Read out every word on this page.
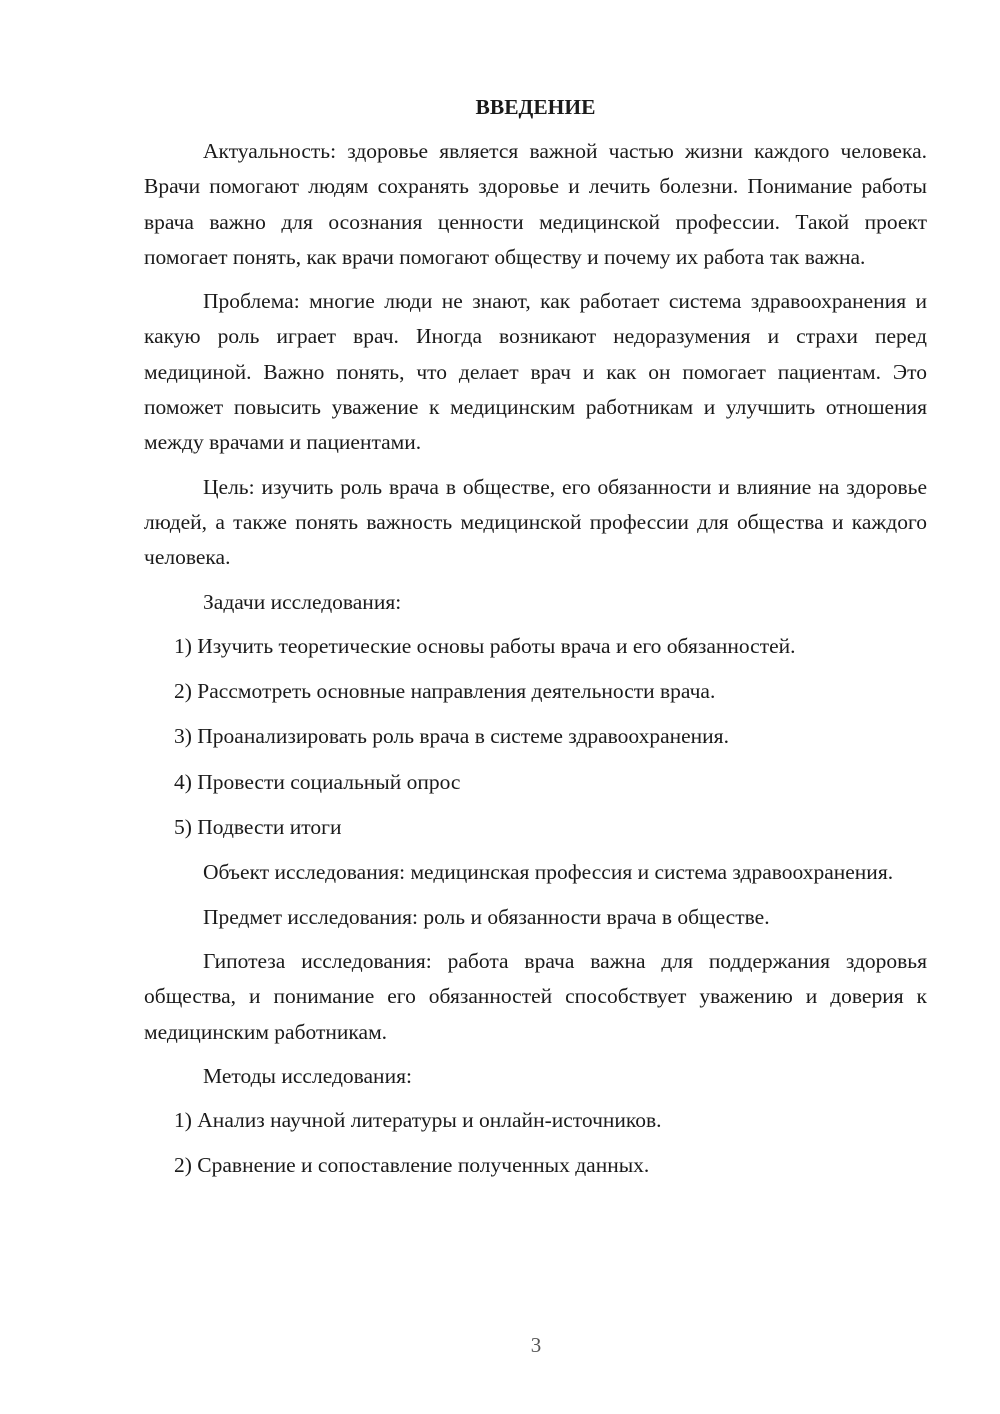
ВВЕДЕНИЕ

Актуальность: здоровье является важной частью жизни каждого человека. Врачи помогают людям сохранять здоровье и лечить болезни. Понимание работы врача важно для осознания ценности медицинской профессии. Такой проект помогает понять, как врачи помогают обществу и почему их работа так важна.

Проблема: многие люди не знают, как работает система здравоохранения и какую роль играет врач. Иногда возникают недоразумения и страхи перед медициной. Важно понять, что делает врач и как он помогает пациентам. Это поможет повысить уважение к медицинским работникам и улучшить отношения между врачами и пациентами.

Цель: изучить роль врача в обществе, его обязанности и влияние на здоровье людей, а также понять важность медицинской профессии для общества и каждого человека.

Задачи исследования:

1) Изучить теоретические основы работы врача и его обязанностей.

2) Рассмотреть основные направления деятельности врача.

3) Проанализировать роль врача в системе здравоохранения.

4) Провести социальный опрос

5) Подвести итоги

Объект исследования: медицинская профессия и система здравоохранения.

Предмет исследования: роль и обязанности врача в обществе.

Гипотеза исследования: работа врача важна для поддержания здоровья общества, и понимание его обязанностей способствует уважению и доверия к медицинским работникам.

Методы исследования:

1) Анализ научной литературы и онлайн-источников.

2) Сравнение и сопоставление полученных данных.

3
